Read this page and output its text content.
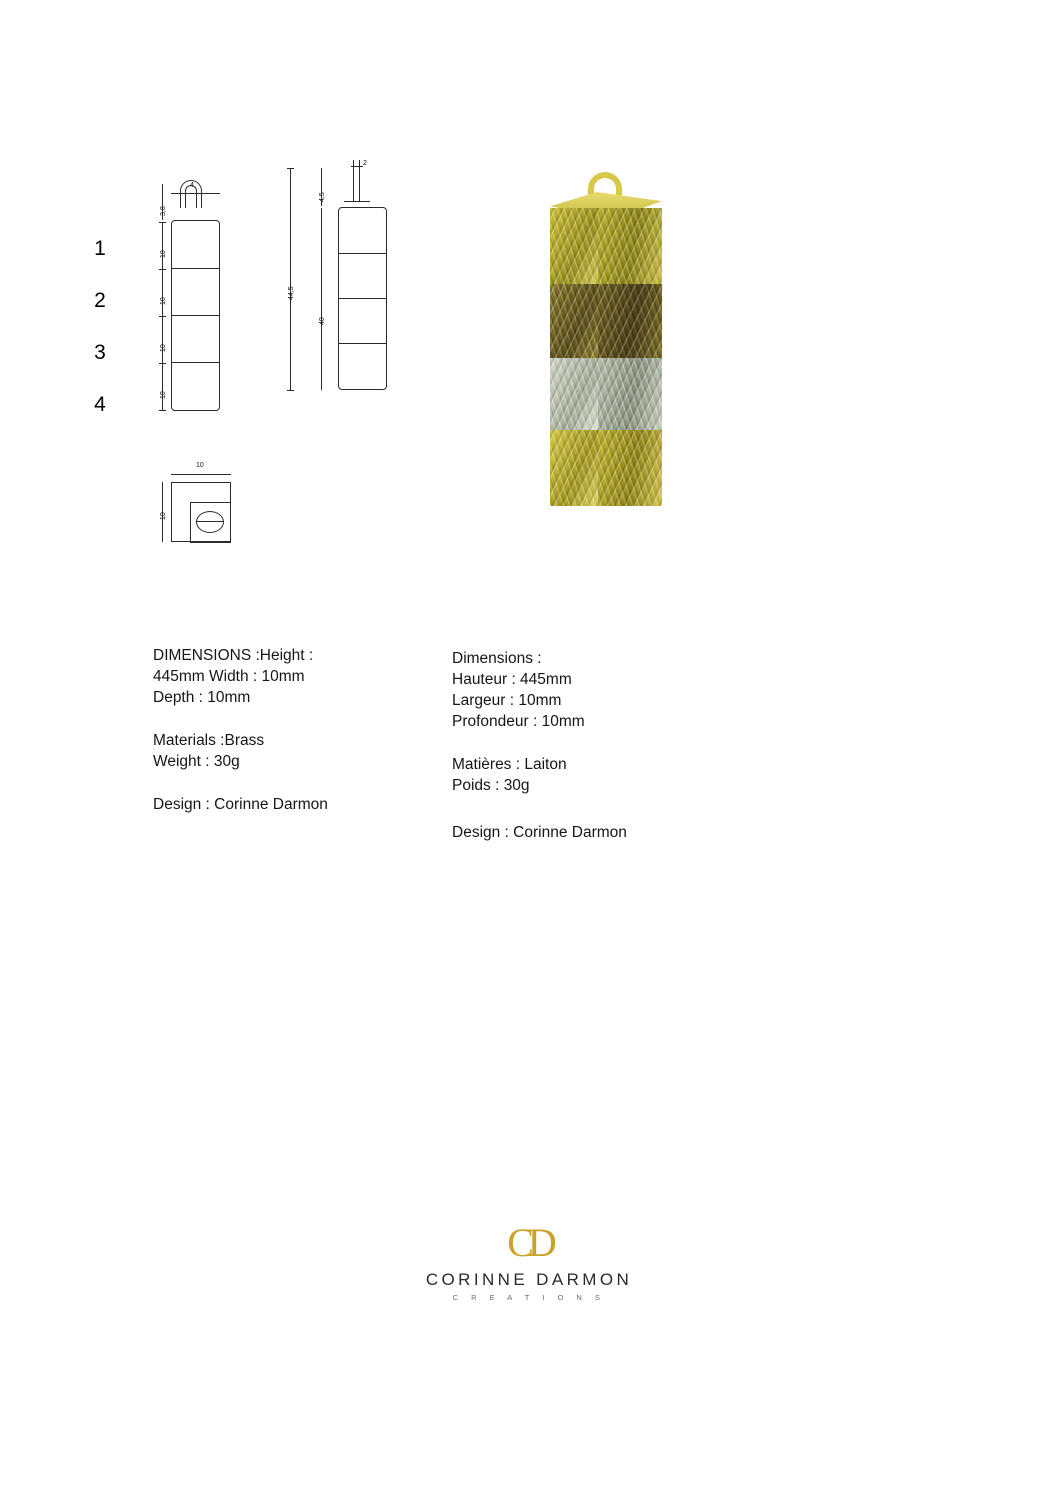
1
2
3
4
4
3,8
10
10
10
10
2
4,5
40
44,5
10
10
DIMENSIONS :Height :
445mm Width : 10mm
Depth : 10mm
Materials :Brass
Weight : 30g
Design : Corinne Darmon
Dimensions :
Hauteur : 445mm
Largeur : 10mm
Profondeur : 10mm
Matières : Laiton
Poids : 30g
Design : Corinne Darmon
CD
CORINNE DARMON
C R E A T I O N S
